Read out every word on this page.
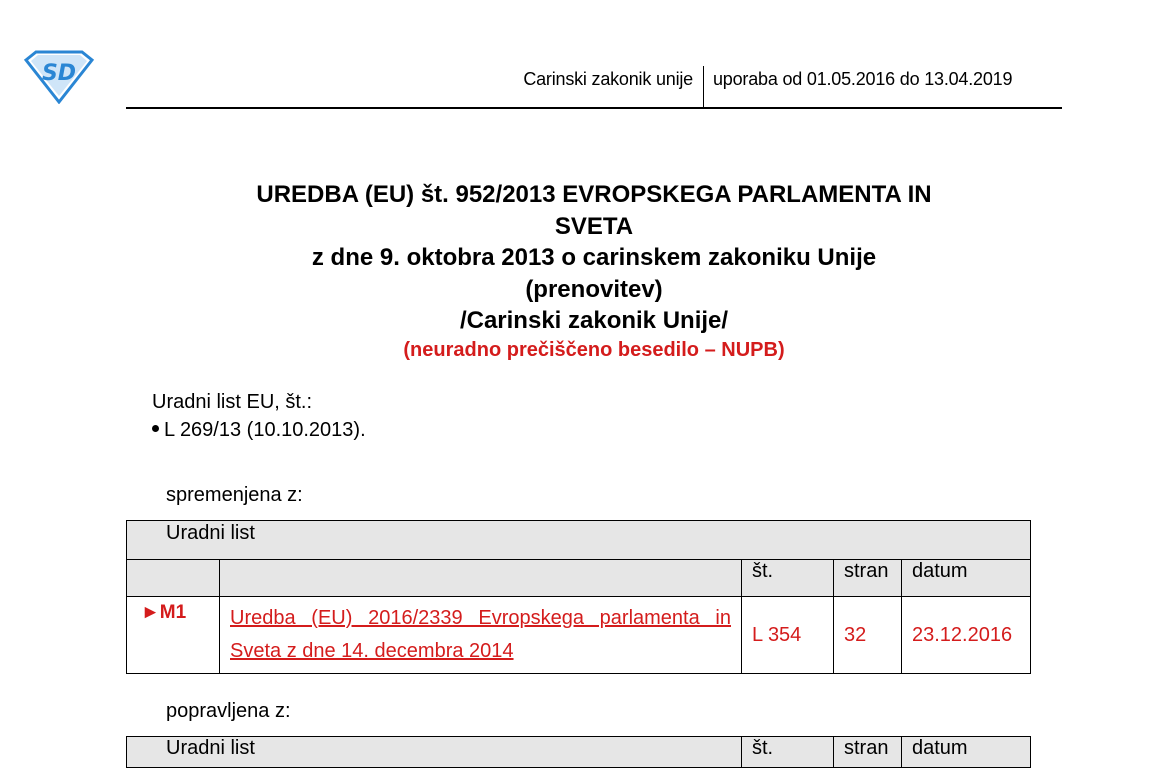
SD	Carinski zakonik unije uporaba od 01.05.2016 do 13.04.2019
UREDBA (EU) št. 952/2013 EVROPSKEGA PARLAMENTA IN
SVETA
z dne 9. oktobra 2013 o carinskem zakoniku Unije
(prenovitev)
/Carinski zakonik Unije/
(neuradno prečiščeno besedilo – NUPB)
Uradni list EU, št.:
L 269/13 (10.10.2013).
spremenjena z:
Uradni list				
		št.	stran	datum
►M1	Uredba (EU) 2016/2339 Evropskega parlamenta in Sveta z dne 14. decembra 2014	L 354	32	23.12.2016
popravljena z:
Uradni list	št.	stran	datum
